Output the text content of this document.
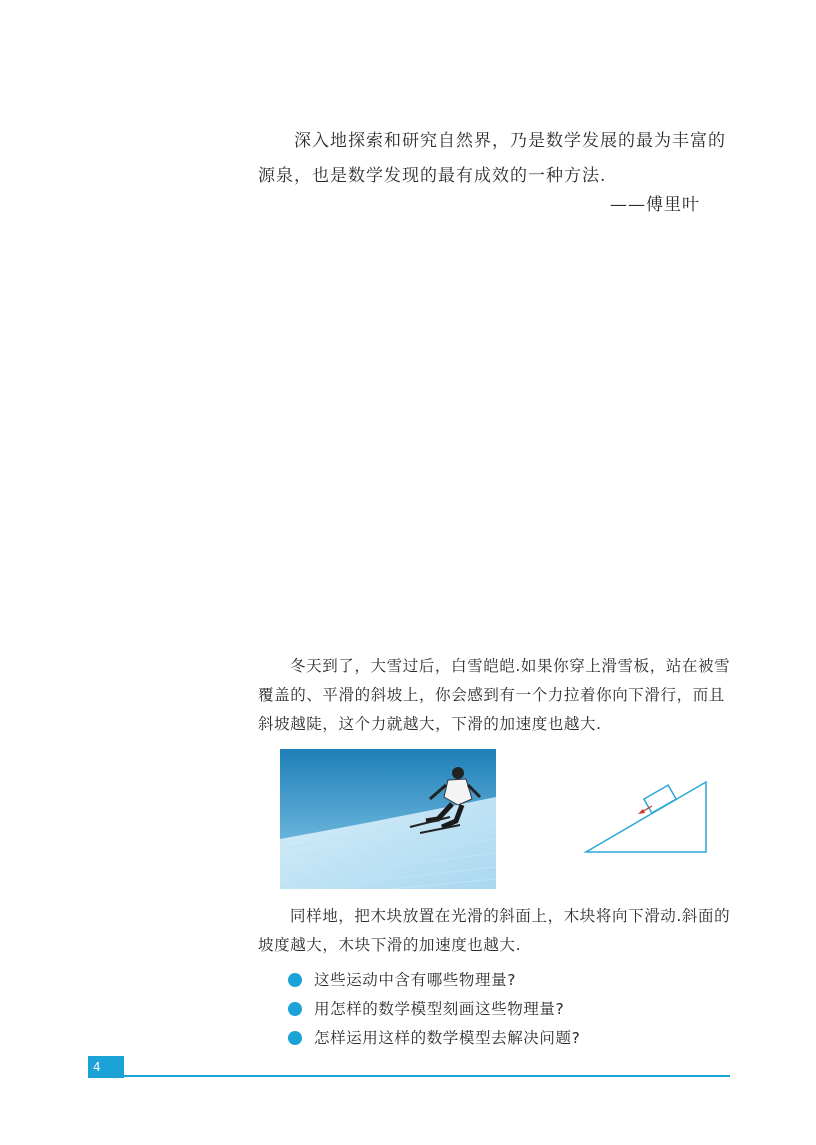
深入地探索和研究自然界，乃是数学发展的最为丰富的源泉，也是数学发现的最有成效的一种方法.

——傅里叶

冬天到了，大雪过后，白雪皑皑.如果你穿上滑雪板，站在被雪覆盖的、平滑的斜坡上，你会感到有一个力拉着你向下滑行，而且斜坡越陡，这个力就越大，下滑的加速度也越大.

同样地，把木块放置在光滑的斜面上，木块将向下滑动.斜面的坡度越大，木块下滑的加速度也越大.

这些运动中含有哪些物理量?
用怎样的数学模型刻画这些物理量?
怎样运用这样的数学模型去解决问题?
4
